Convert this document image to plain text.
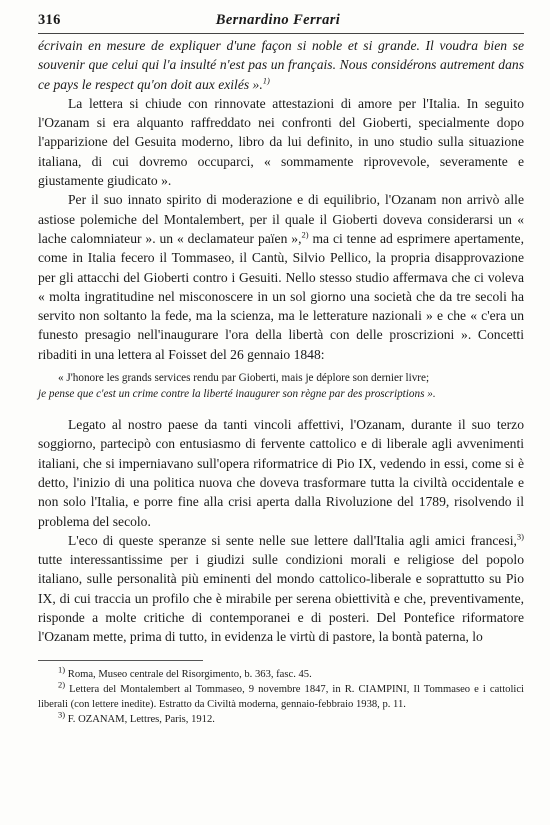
316	Bernardino Ferrari

écrivain en mesure de expliquer d'une façon si noble et si grande. Il voudra bien se souvenir que celui qui l'a insulté n'est pas un français. Nous considérons autrement dans ce pays le respect qu'on doit aux exilés ».$^{1)}$

La lettera si chiude con rinnovate attestazioni di amore per l'Italia. In seguito l'Ozanam si era alquanto raffreddato nei confronti del Gioberti, specialmente dopo l'apparizione del Gesuita moderno, libro da lui definito, in uno studio sulla situazione italiana, di cui dovremo occuparci, « sommamente riprovevole, severamente e giustamente giudicato ».

Per il suo innato spirito di moderazione e di equilibrio, l'Ozanam non arrivò alle astiose polemiche del Montalembert, per il quale il Gioberti doveva considerarsi un « lache calomniateur ». un « declamateur païen »,$^{2)}$ ma ci tenne ad esprimere apertamente, come in Italia fecero il Tommaseo, il Cantù, Silvio Pellico, la propria disapprovazione per gli attacchi del Gioberti contro i Gesuiti. Nello stesso studio affermava che ci voleva « molta ingratitudine nel misconoscere in un sol giorno una società che da tre secoli ha servito non soltanto la fede, ma la scienza, ma le letterature nazionali » e che « c'era un funesto presagio nell'inaugurare l'ora della libertà con delle proscrizioni ». Concetti ribaditi in una lettera al Foisset del 26 gennaio 1848:

« J'honore les grands services rendu par Gioberti, mais je déplore son dernier livre;
je pense que c'est un crime contre la liberté inaugurer son règne par des proscriptions ».

Legato al nostro paese da tanti vincoli affettivi, l'Ozanam, durante il suo terzo soggiorno, partecipò con entusiasmo di fervente cattolico e di liberale agli avvenimenti italiani, che si imperniavano sull'opera riformatrice di Pio IX, vedendo in essi, come si è detto, l'inizio di una politica nuova che doveva trasformare tutta la civiltà occidentale e non solo l'Italia, e porre fine alla crisi aperta dalla Rivoluzione del 1789, risolvendo il problema del secolo.

L'eco di queste speranze si sente nelle sue lettere dall'Italia agli amici francesi,$^{3)}$ tutte interessantissime per i giudizi sulle condizioni morali e religiose del popolo italiano, sulle personalità più eminenti del mondo cattolico-liberale e soprattutto su Pio IX, di cui traccia un profilo che è mirabile per serena obiettività e che, preventivamente, risponde a molte critiche di contemporanei e di posteri. Del Pontefice riformatore l'Ozanam mette, prima di tutto, in evidenza le virtù di pastore, la bontà paterna, lo

$^{1)}$ Roma, Museo centrale del Risorgimento, b. 363, fasc. 45.

$^{2)}$ Lettera del Montalembert al Tommaseo, 9 novembre 1847, in R. CIAMPINI, Il Tommaseo e i cattolici liberali (con lettere inedite). Estratto da Civiltà moderna, gennaio-febbraio 1938, p. 11.

$^{3)}$ F. OZANAM, Lettres, Paris, 1912.
